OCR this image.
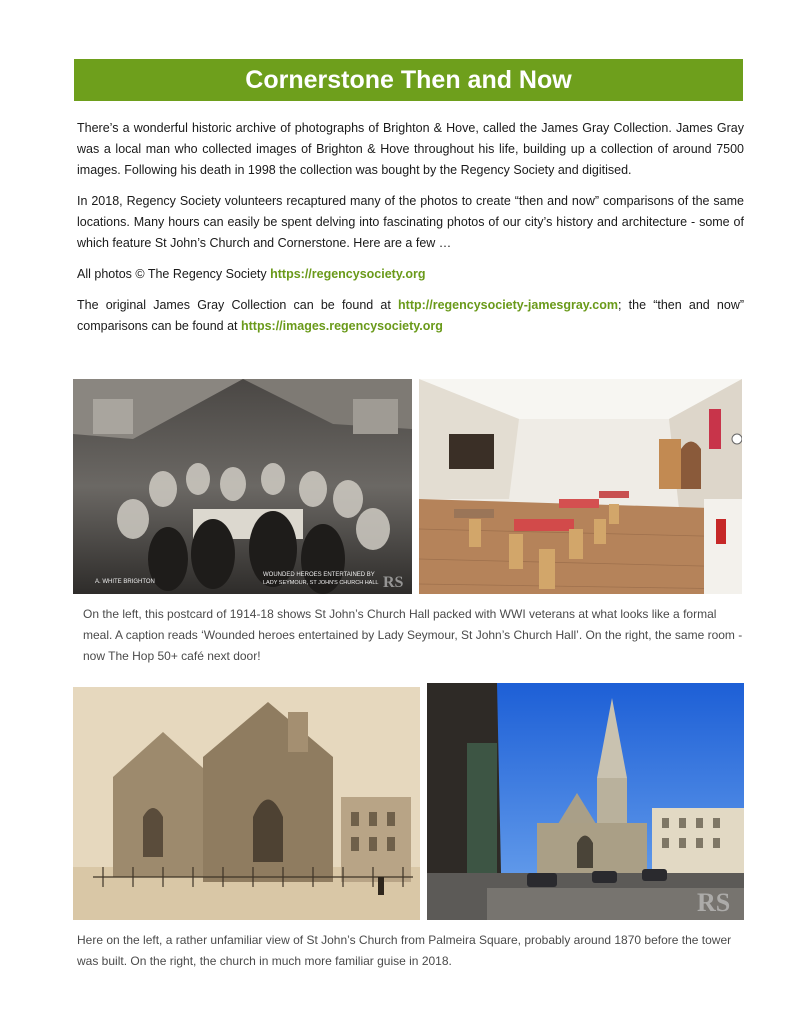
Cornerstone Then and Now

There’s a wonderful historic archive of photographs of Brighton & Hove, called the James Gray Collection. James Gray was a local man who collected images of Brighton & Hove throughout his life, building up a collection of around 7500 images. Following his death in 1998 the collection was bought by the Regency Society and digitised.

In 2018, Regency Society volunteers recaptured many of the photos to create “then and now” comparisons of the same locations. Many hours can easily be spent delving into fascinating photos of our city’s history and architecture - some of which feature St John’s Church and Cornerstone. Here are a few …

All photos © The Regency Society https://regencysociety.org

The original James Gray Collection can be found at http://regencysociety-jamesgray.com; the “then and now” comparisons can be found at https://images.regencysociety.org

A. WHITE BRIGHTON
WOUNDED HEROES ENTERTAINED BY
LADY SEYMOUR, ST JOHN'S CHURCH HALL RS
On the left, this postcard of 1914-18 shows St John’s Church Hall packed with WWI veterans at what looks like a formal meal. A caption reads ‘Wounded heroes entertained by Lady Seymour, St John’s Church Hall’. On the right, the same room - now The Hop 50+ café next door!
RS
Here on the left, a rather unfamiliar view of St John’s Church from Palmeira Square, probably around 1870 before the tower was built. On the right, the church in much more familiar guise in 2018.
